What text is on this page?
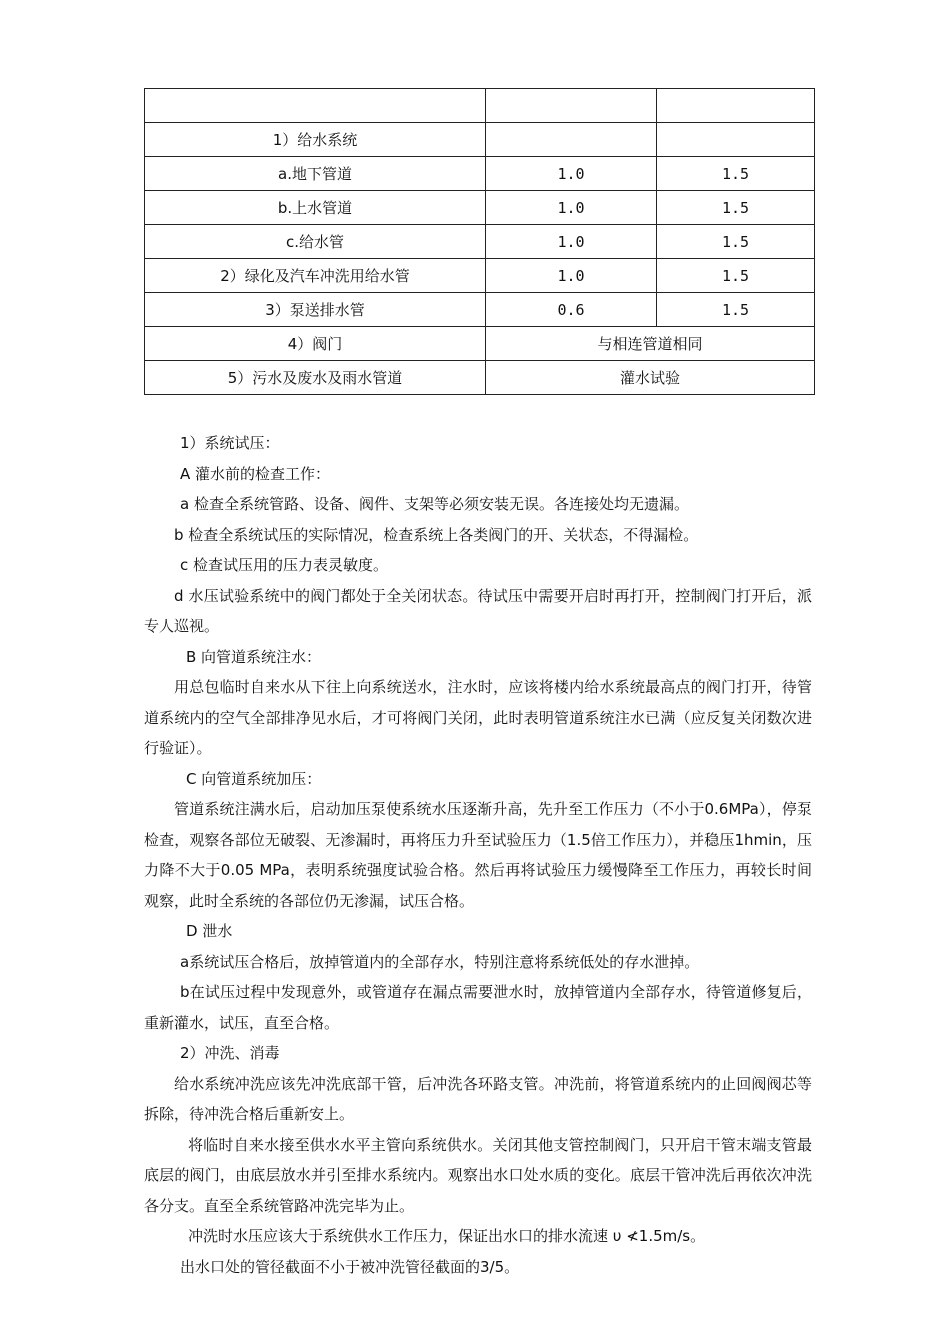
1）给水系统		
a.地下管道	1.0	1.5
b.上水管道	1.0	1.5
c.给水管	1.0	1.5
2）绿化及汽车冲洗用给水管	1.0	1.5
3）泵送排水管	0.6	1.5
4）阀门	与相连管道相同	
5）污水及废水及雨水管道	灌水试验	

1）系统试压：

A 灌水前的检查工作：

a 检查全系统管路、设备、阀件、支架等必须安装无误。各连接处均无遗漏。

b 检查全系统试压的实际情况，检查系统上各类阀门的开、关状态，不得漏检。

c 检查试压用的压力表灵敏度。

d 水压试验系统中的阀门都处于全关闭状态。待试压中需要开启时再打开，控制阀门打开后，派专人巡视。

B 向管道系统注水：

用总包临时自来水从下往上向系统送水，注水时，应该将楼内给水系统最高点的阀门打开，待管道系统内的空气全部排净见水后，才可将阀门关闭，此时表明管道系统注水已满（应反复关闭数次进行验证）。

C 向管道系统加压：

管道系统注满水后，启动加压泵使系统水压逐渐升高，先升至工作压力（不小于0.6MPa），停泵检查，观察各部位无破裂、无渗漏时，再将压力升至试验压力（1.5倍工作压力），并稳压1hmin，压力降不大于0.05 MPa，表明系统强度试验合格。然后再将试验压力缓慢降至工作压力，再较长时间观察，此时全系统的各部位仍无渗漏，试压合格。

D 泄水

a系统试压合格后，放掉管道内的全部存水，特别注意将系统低处的存水泄掉。

b在试压过程中发现意外，或管道存在漏点需要泄水时，放掉管道内全部存水，待管道修复后，重新灌水，试压，直至合格。

2）冲洗、消毒

给水系统冲洗应该先冲洗底部干管，后冲洗各环路支管。冲洗前，将管道系统内的止回阀阀芯等拆除，待冲洗合格后重新安上。

将临时自来水接至供水水平主管向系统供水。关闭其他支管控制阀门，只开启干管末端支管最底层的阀门，由底层放水并引至排水系统内。观察出水口处水质的变化。底层干管冲洗后再依次冲洗各分支。直至全系统管路冲洗完毕为止。

冲洗时水压应该大于系统供水工作压力，保证出水口的排水流速 υ ≮1.5m/s。

出水口处的管径截面不小于被冲洗管径截面的3/5。
